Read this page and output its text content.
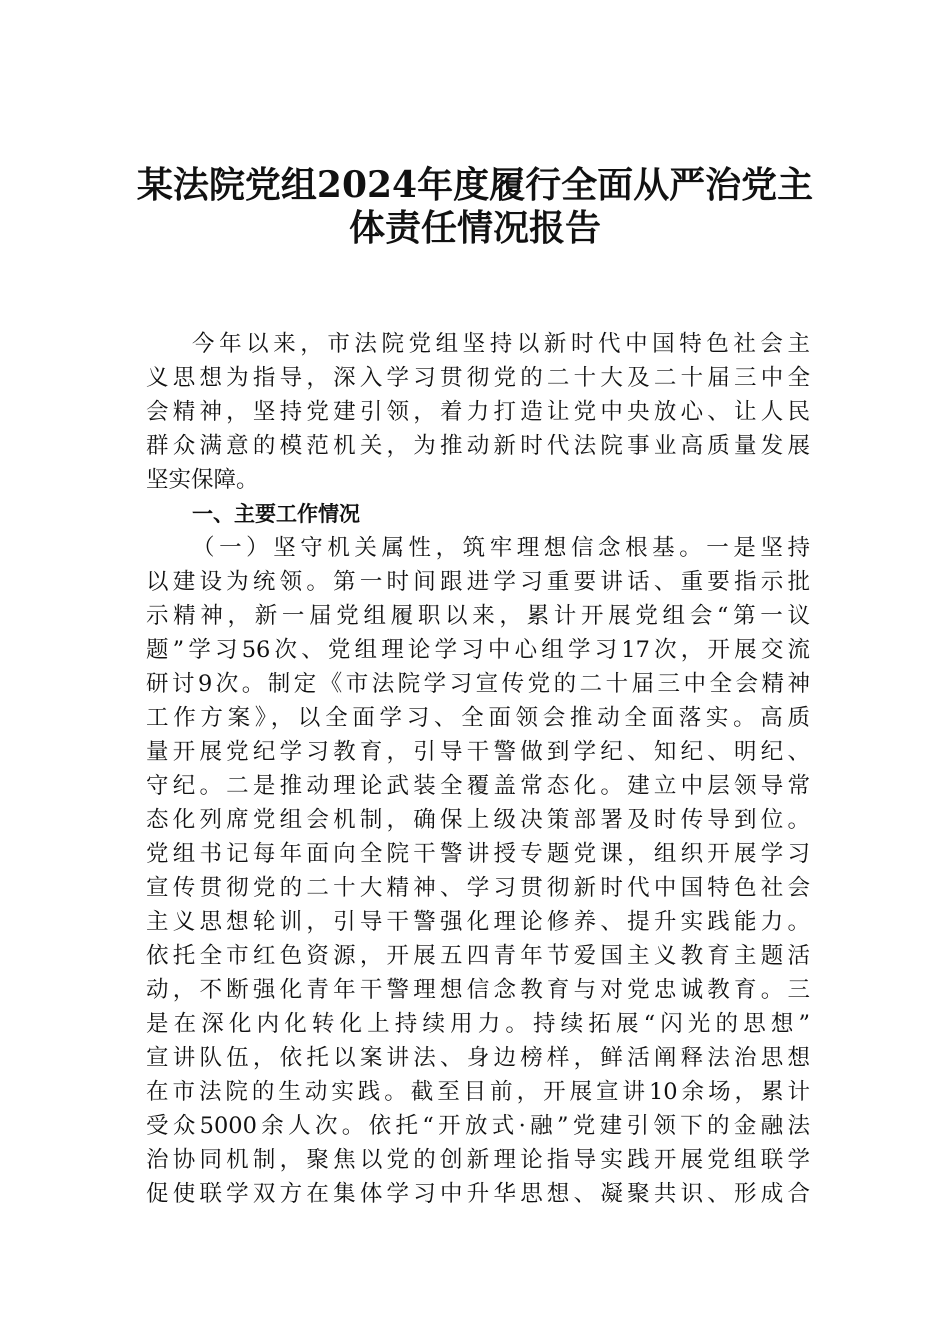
某法院党组2024年度履行全面从严治党主
体责任情况报告
今年以来，市法院党组坚持以新时代中国特色社会主
义思想为指导，深入学习贯彻党的二十大及二十届三中全
会精神，坚持党建引领，着力打造让党中央放心、让人民
群众满意的模范机关，为推动新时代法院事业高质量发展
坚实保障。
一、主要工作情况
（一）坚守机关属性，筑牢理想信念根基。一是坚持
以建设为统领。第一时间跟进学习重要讲话、重要指示批
示精神，新一届党组履职以来，累计开展党组会“第一议
题”学习56次、党组理论学习中心组学习17次，开展交流
研讨9次。制定《市法院学习宣传党的二十届三中全会精神
工作方案》，以全面学习、全面领会推动全面落实。高质
量开展党纪学习教育，引导干警做到学纪、知纪、明纪、
守纪。二是推动理论武装全覆盖常态化。建立中层领导常
态化列席党组会机制，确保上级决策部署及时传导到位。
党组书记每年面向全院干警讲授专题党课，组织开展学习
宣传贯彻党的二十大精神、学习贯彻新时代中国特色社会
主义思想轮训，引导干警强化理论修养、提升实践能力。
依托全市红色资源，开展五四青年节爱国主义教育主题活
动，不断强化青年干警理想信念教育与对党忠诚教育。三
是在深化内化转化上持续用力。持续拓展“闪光的思想”
宣讲队伍，依托以案讲法、身边榜样，鲜活阐释法治思想
在市法院的生动实践。截至目前，开展宣讲10余场，累计
受众5000余人次。依托“开放式·融”党建引领下的金融法
治协同机制，聚焦以党的创新理论指导实践开展党组联学
促使联学双方在集体学习中升华思想、凝聚共识、形成合
